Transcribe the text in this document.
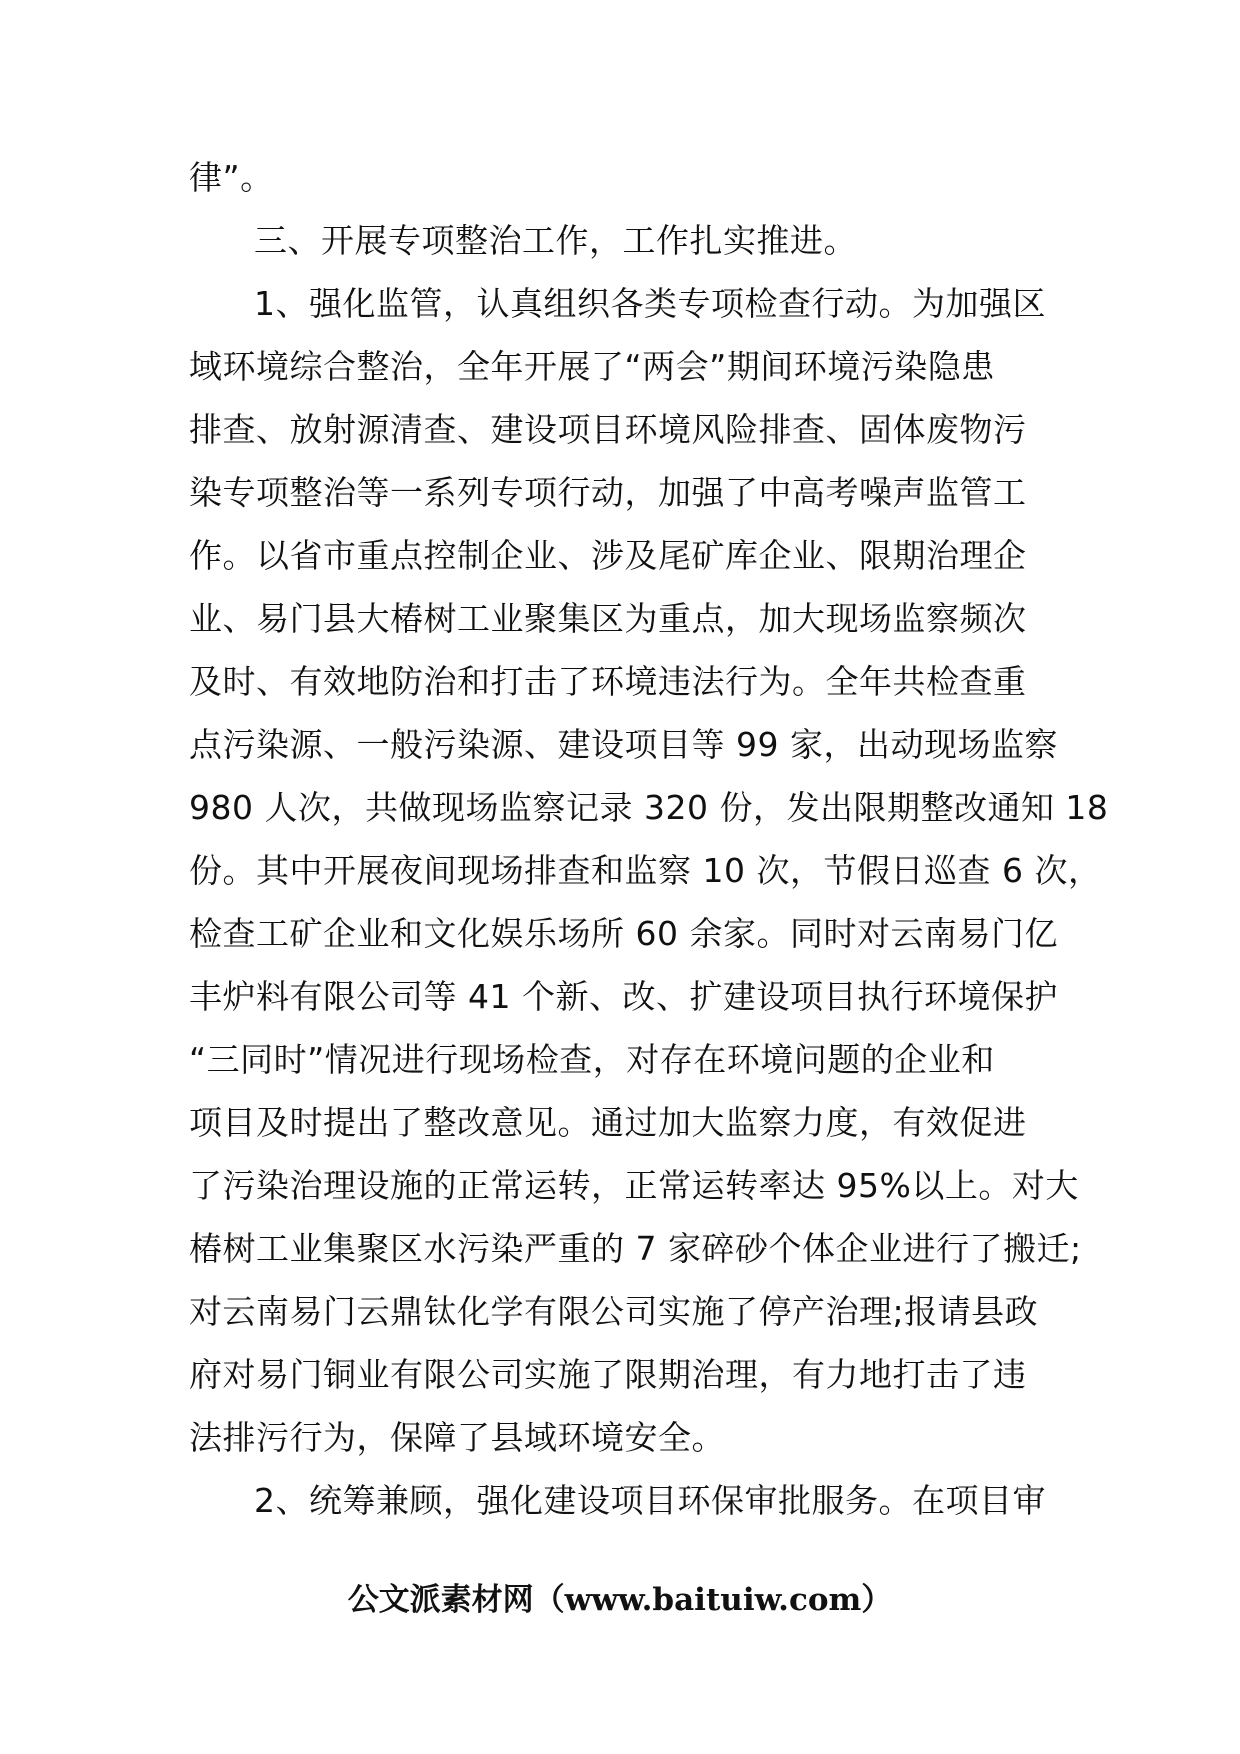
律”。
三、开展专项整治工作，工作扎实推进。
1、强化监管，认真组织各类专项检查行动。为加强区
域环境综合整治，全年开展了“两会”期间环境污染隐患
排查、放射源清查、建设项目环境风险排查、固体废物污
染专项整治等一系列专项行动，加强了中高考噪声监管工
作。以省市重点控制企业、涉及尾矿库企业、限期治理企
业、易门县大椿树工业聚集区为重点，加大现场监察频次
及时、有效地防治和打击了环境违法行为。全年共检查重
点污染源、一般污染源、建设项目等 99 家，出动现场监察
980 人次，共做现场监察记录 320 份，发出限期整改通知 18
份。其中开展夜间现场排查和监察 10 次，节假日巡查 6 次，
检查工矿企业和文化娱乐场所 60 余家。同时对云南易门亿
丰炉料有限公司等 41 个新、改、扩建设项目执行环境保护
“三同时”情况进行现场检查，对存在环境问题的企业和
项目及时提出了整改意见。通过加大监察力度，有效促进
了污染治理设施的正常运转，正常运转率达 95%以上。对大
椿树工业集聚区水污染严重的 7 家碎砂个体企业进行了搬迁;
对云南易门云鼎钛化学有限公司实施了停产治理;报请县政
府对易门铜业有限公司实施了限期治理，有力地打击了违
法排污行为，保障了县域环境安全。
2、统筹兼顾，强化建设项目环保审批服务。在项目审
公文派素材网（www.baituiw.com）
